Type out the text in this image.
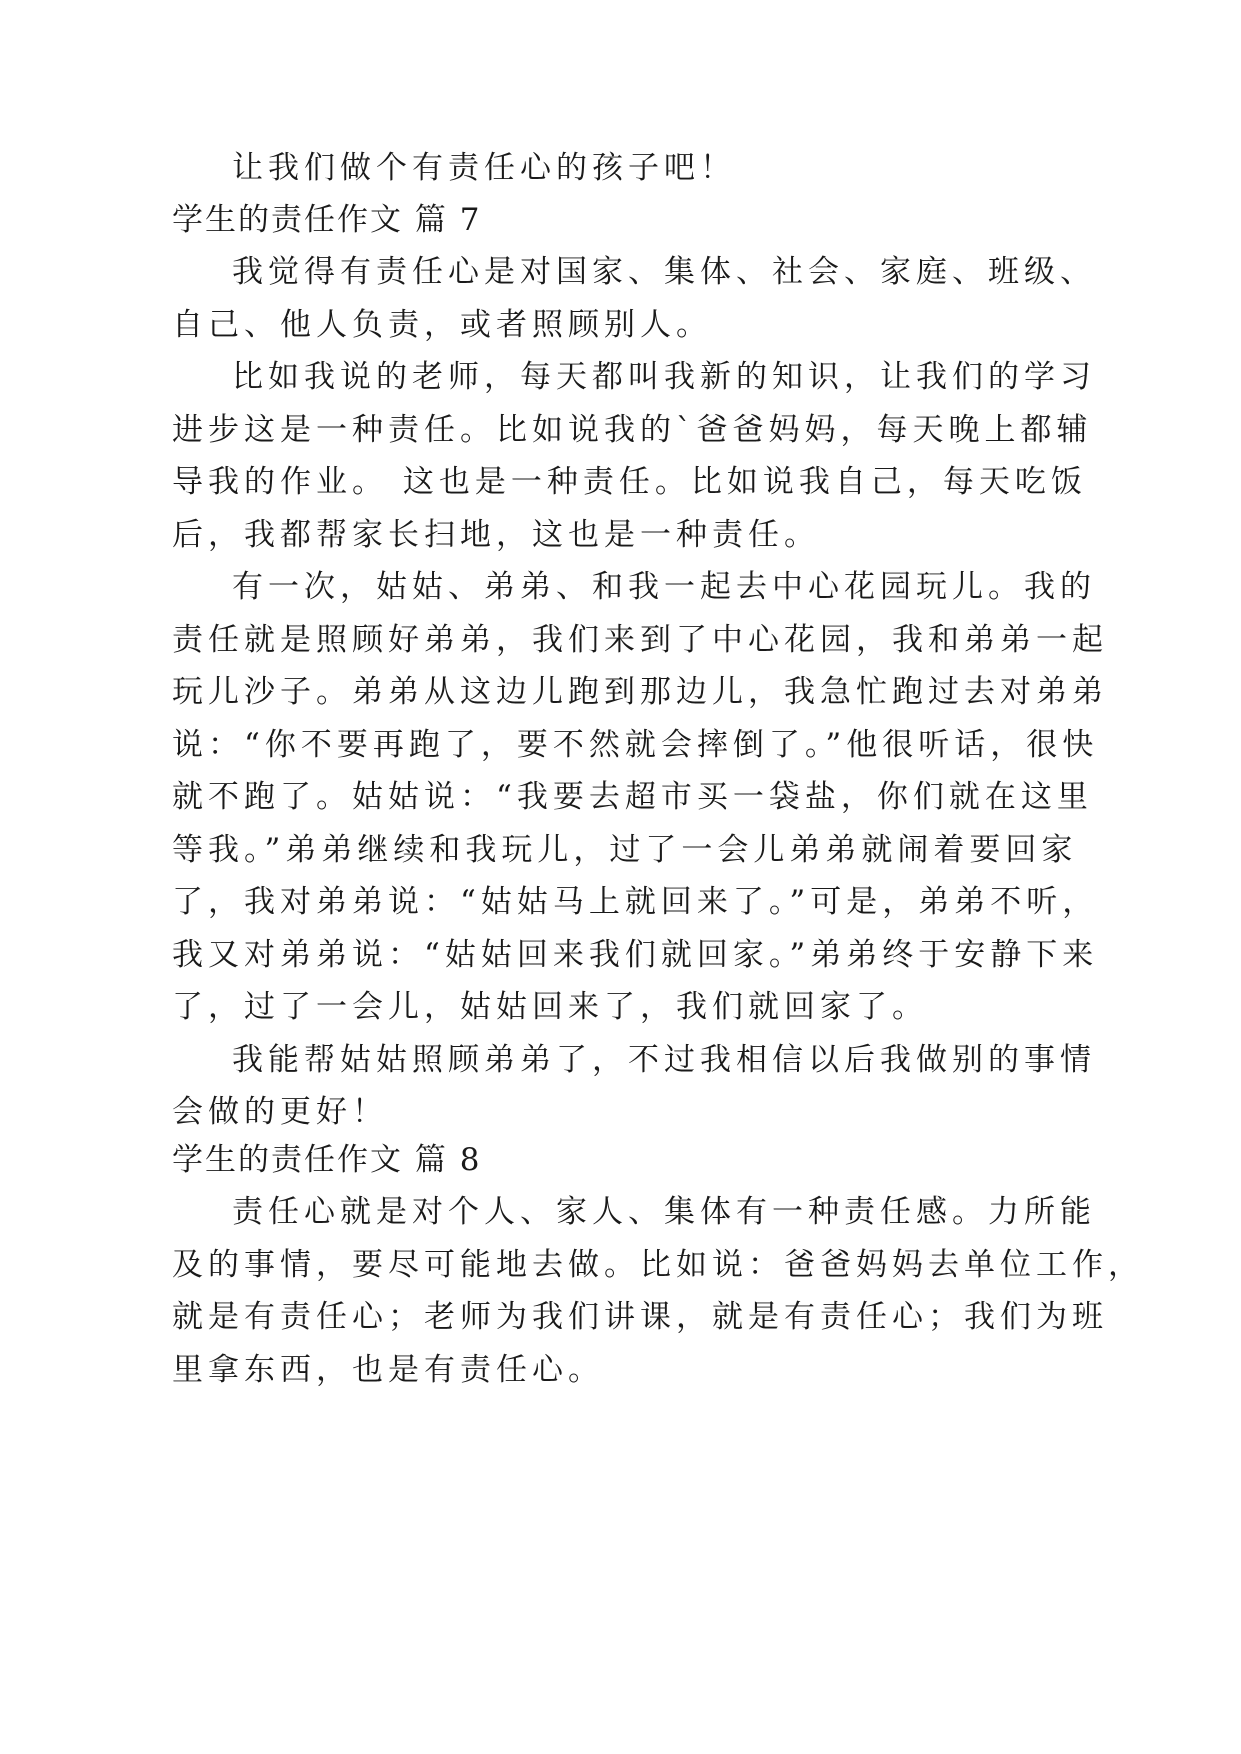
让我们做个有责任心的孩子吧！
学生的责任作文 篇 7
我觉得有责任心是对国家、集体、社会、家庭、班级、
自己、他人负责，或者照顾别人。
比如我说的老师，每天都叫我新的知识，让我们的学习
进步这是一种责任。比如说我的`爸爸妈妈，每天晚上都辅
导我的作业。 这也是一种责任。比如说我自己，每天吃饭
后，我都帮家长扫地，这也是一种责任。
有一次，姑姑、弟弟、和我一起去中心花园玩儿。我的
责任就是照顾好弟弟，我们来到了中心花园，我和弟弟一起
玩儿沙子。弟弟从这边儿跑到那边儿，我急忙跑过去对弟弟
说：“你不要再跑了，要不然就会摔倒了。”他很听话，很快
就不跑了。姑姑说：“我要去超市买一袋盐，你们就在这里
等我。”弟弟继续和我玩儿，过了一会儿弟弟就闹着要回家
了，我对弟弟说：“姑姑马上就回来了。”可是，弟弟不听，
我又对弟弟说：“姑姑回来我们就回家。”弟弟终于安静下来
了，过了一会儿，姑姑回来了，我们就回家了。
我能帮姑姑照顾弟弟了，不过我相信以后我做别的事情
会做的更好！
学生的责任作文 篇 8
责任心就是对个人、家人、集体有一种责任感。力所能
及的事情，要尽可能地去做。比如说：爸爸妈妈去单位工作，
就是有责任心；老师为我们讲课，就是有责任心；我们为班
里拿东西，也是有责任心。
